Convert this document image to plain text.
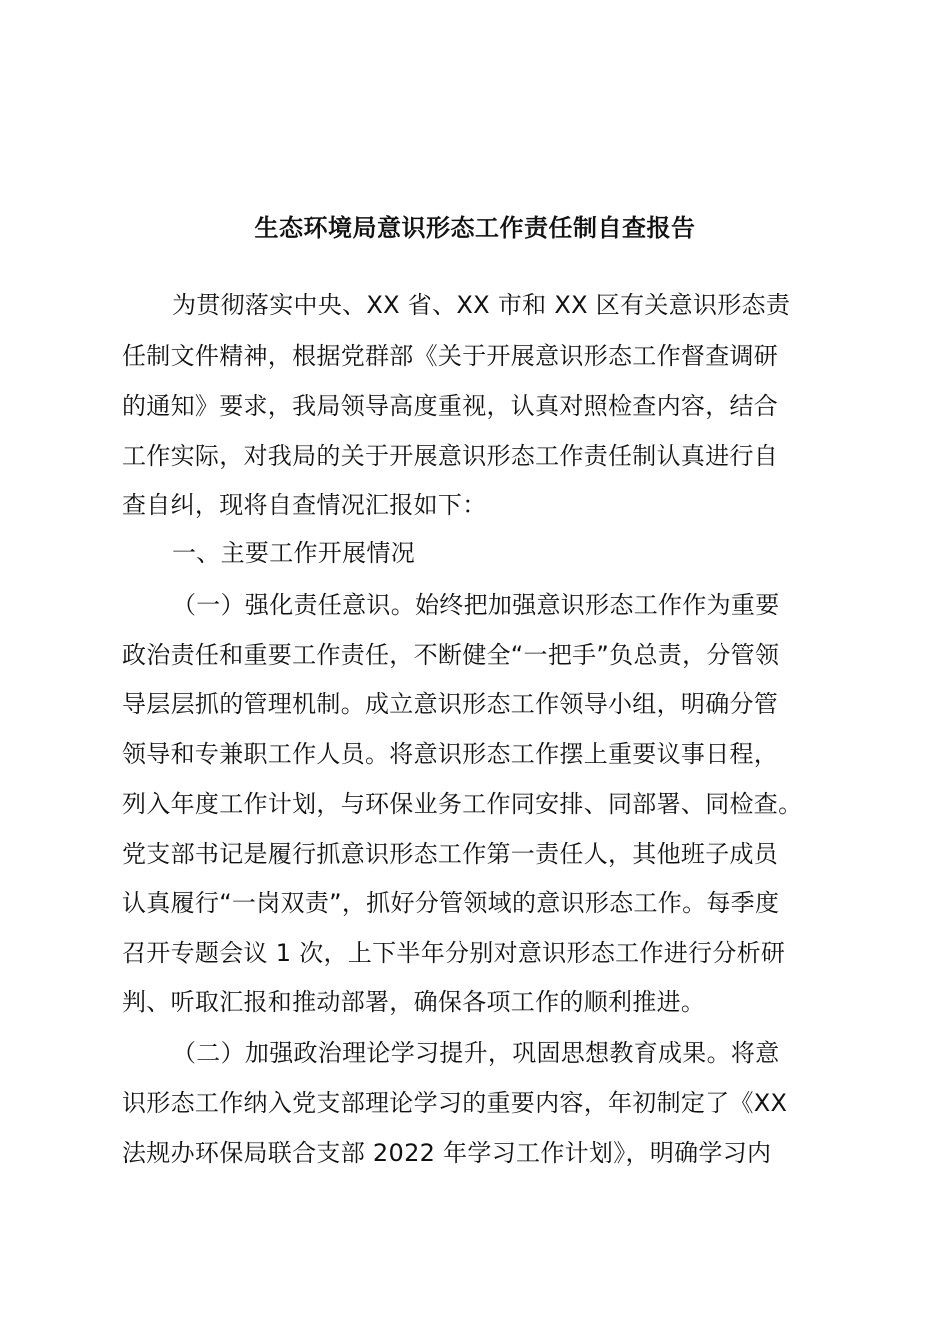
生态环境局意识形态工作责任制自查报告
为贯彻落实中央、XX 省、XX 市和 XX 区有关意识形态责
任制文件精神，根据党群部《关于开展意识形态工作督查调研
的通知》要求，我局领导高度重视，认真对照检查内容，结合
工作实际，对我局的关于开展意识形态工作责任制认真进行自
查自纠，现将自查情况汇报如下：
一、主要工作开展情况
（一）强化责任意识。始终把加强意识形态工作作为重要
政治责任和重要工作责任，不断健全“一把手”负总责，分管领
导层层抓的管理机制。成立意识形态工作领导小组，明确分管
领导和专兼职工作人员。将意识形态工作摆上重要议事日程，
列入年度工作计划，与环保业务工作同安排、同部署、同检查。
党支部书记是履行抓意识形态工作第一责任人，其他班子成员
认真履行“一岗双责”，抓好分管领域的意识形态工作。每季度
召开专题会议 1 次，上下半年分别对意识形态工作进行分析研
判、听取汇报和推动部署，确保各项工作的顺利推进。
（二）加强政治理论学习提升，巩固思想教育成果。将意
识形态工作纳入党支部理论学习的重要内容，年初制定了《XX
法规办环保局联合支部 2022 年学习工作计划》，明确学习内
